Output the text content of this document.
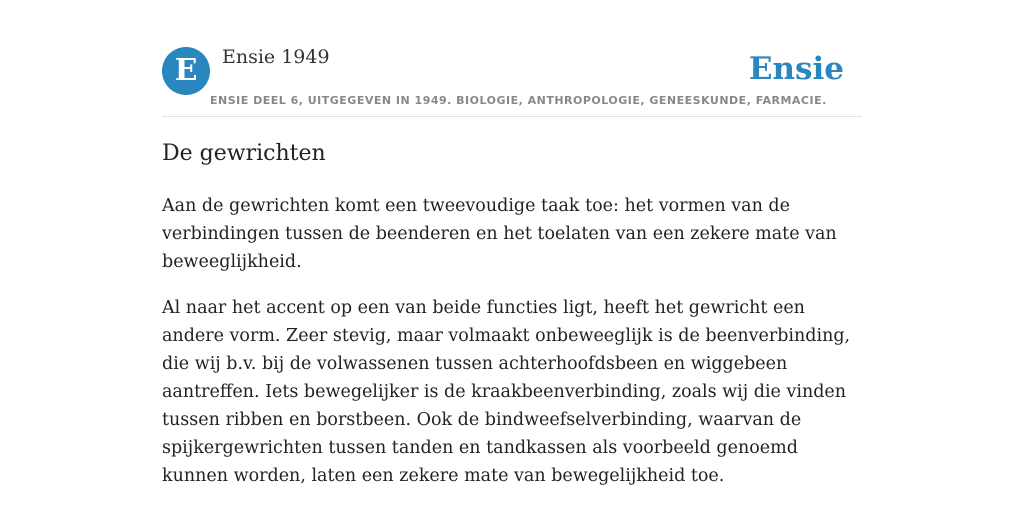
E	Ensie 1949	Ensie
ENSIE DEEL 6, UITGEGEVEN IN 1949. BIOLOGIE, ANTHROPOLOGIE, GENEESKUNDE, FARMACIE.
De gewrichten

Aan de gewrichten komt een tweevoudige taak toe: het vormen van de verbindingen tussen de beenderen en het toelaten van een zekere mate van beweeglijkheid.

Al naar het accent op een van beide functies ligt, heeft het gewricht een andere vorm. Zeer stevig, maar volmaakt onbeweeglijk is de beenverbinding, die wij b.v. bij de volwassenen tussen achterhoofdsbeen en wiggebeen aantreffen. Iets bewegelijker is de kraakbeenverbinding, zoals wij die vinden tussen ribben en borstbeen. Ook de bindweefselverbinding, waarvan de spijkergewrichten tussen tanden en tandkassen als voorbeeld genoemd kunnen worden, laten een zekere mate van bewegelijkheid toe.
